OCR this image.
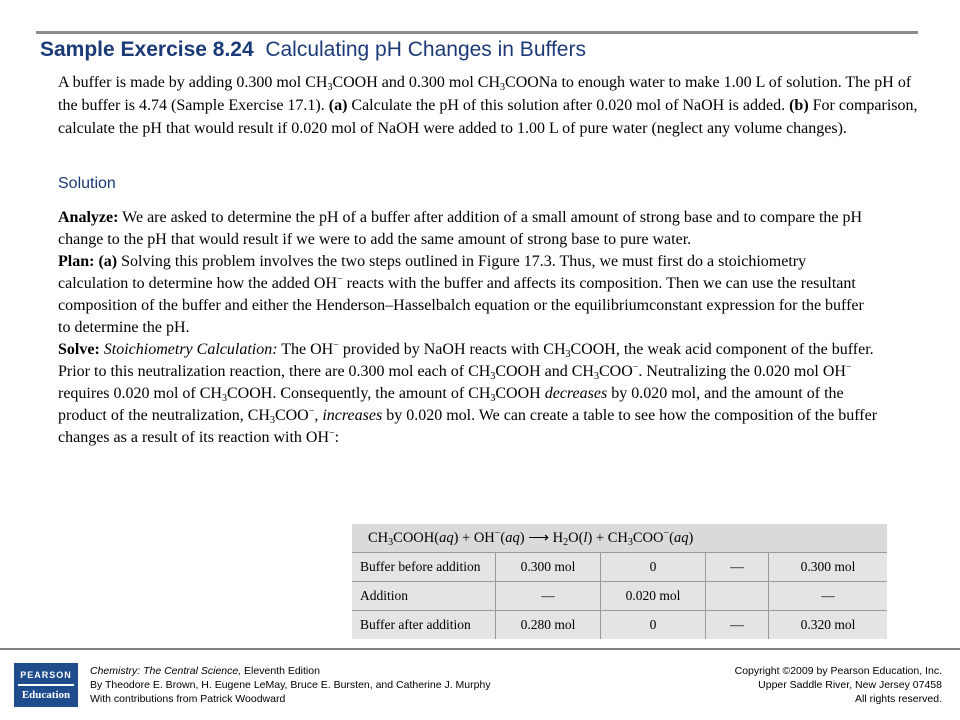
Sample Exercise 8.24 Calculating pH Changes in Buffers

A buffer is made by adding 0.300 mol $CH_3COOH$ and 0.300 mol $CH_3COONa$ to enough water to make 1.00 L of solution. The pH of the buffer is 4.74 (Sample Exercise 17.1). (a) Calculate the pH of this solution after 0.020 mol of NaOH is added. (b) For comparison, calculate the pH that would result if 0.020 mol of NaOH were added to 1.00 L of pure water (neglect any volume changes).

Solution

Analyze: We are asked to determine the pH of a buffer after addition of a small amount of strong base and to compare the pH change to the pH that would result if we were to add the same amount of strong base to pure water.

Plan: (a) Solving this problem involves the two steps outlined in Figure 17.3. Thus, we must first do a stoichiometry calculation to determine how the added OH− reacts with the buffer and affects its composition. Then we can use the resultant composition of the buffer and either the Henderson–Hasselbalch equation or the equilibriumconstant expression for the buffer to determine the pH.

Solve: Stoichiometry Calculation: The OH− provided by NaOH reacts with $CH_3COOH$, the weak acid component of the buffer. Prior to this neutralization reaction, there are 0.300 mol each of $CH_3COOH$ and $CH_3COO^-$. Neutralizing the 0.020 mol OH− requires 0.020 mol of $CH_3COOH$. Consequently, the amount of $CH_3COOH$ decreases by 0.020 mol, and the amount of the product of the neutralization, $CH_3COO^-$, increases by 0.020 mol. We can create a table to see how the composition of the buffer changes as a result of its reaction with OH−:

$CH_3COOH(aq) + OH^-(aq)$ ⟶ $H_2O(l) + CH_3COO^-(aq)$				
Buffer before addition	0.300 mol	0	—	0.300 mol
Addition	—	0.020 mol		—
Buffer after addition	0.280 mol	0	—	0.320 mol
PEARSON
Education
Chemistry: The Central Science, Eleventh Edition
By Theodore E. Brown, H. Eugene LeMay, Bruce E. Bursten, and Catherine J. Murphy
With contributions from Patrick Woodward
Copyright ©2009 by Pearson Education, Inc.
Upper Saddle River, New Jersey 07458
All rights reserved.
